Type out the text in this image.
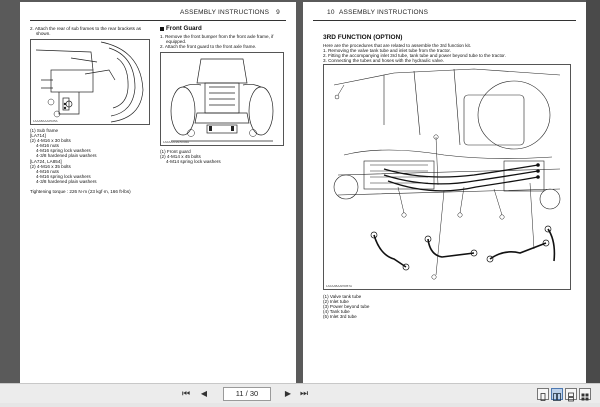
ASSEMBLY INSTRUCTIONS 9
2. Attach the rear of sub frames to the rear brackets as
shown.
1AAABAAAP025A
(1) Sub frame
[LA714]
(2) 4-M16 x 30 bolts
4-M16 nuts
4-M16 spring lock washers
4-3/8 hardened plain washers
[LA724, LA854]
(2) 4-M16 x 35 bolts
4-M16 nuts
4-M16 spring lock washers
4-3/8 hardened plain washers
Tightening torque : 226 N·m (23 kgf·m, 166 ft-lbs)
Front Guard
1. Remove the front bumper from the front axle frame, if
equipped.
2. Attach the front guard to the front axle frame.
1AFAAANAP0004A
(1) Front guard
(2) 4-M14 x 45 bolts
4-M14 spring lock washers
10 ASSEMBLY INSTRUCTIONS
3RD FUNCTION (OPTION)
Here are the procedures that are related to assemble the 3rd function kit.
1. Removing the valve tank tube and inlet tube from the tractor.
2. Fitting the accompanying inlet 3rd tube, tank tube and power beyond tube to the tractor.
3. Connecting the tubes and hoses with the hydraulic valve.
1AFAABAAP0057A
(1) Valve tank tube
(2) Inlet tube
(3) Power beyond tube
(4) Tank tube
(5) Inlet 3rd tube
⏮	◀	11 / 30	▶ ⏭
